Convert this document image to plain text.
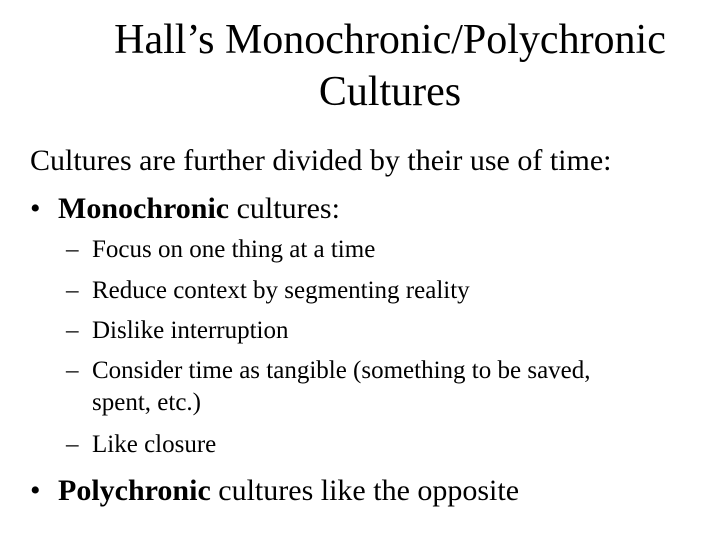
Hall’s Monochronic/Polychronic
Cultures
Cultures are further divided by their use of time:
• Monochronic cultures:
– Focus on one thing at a time
– Reduce context by segmenting reality
– Dislike interruption
– Consider time as tangible (something to be saved,
spent, etc.)
– Like closure
• Polychronic cultures like the opposite
